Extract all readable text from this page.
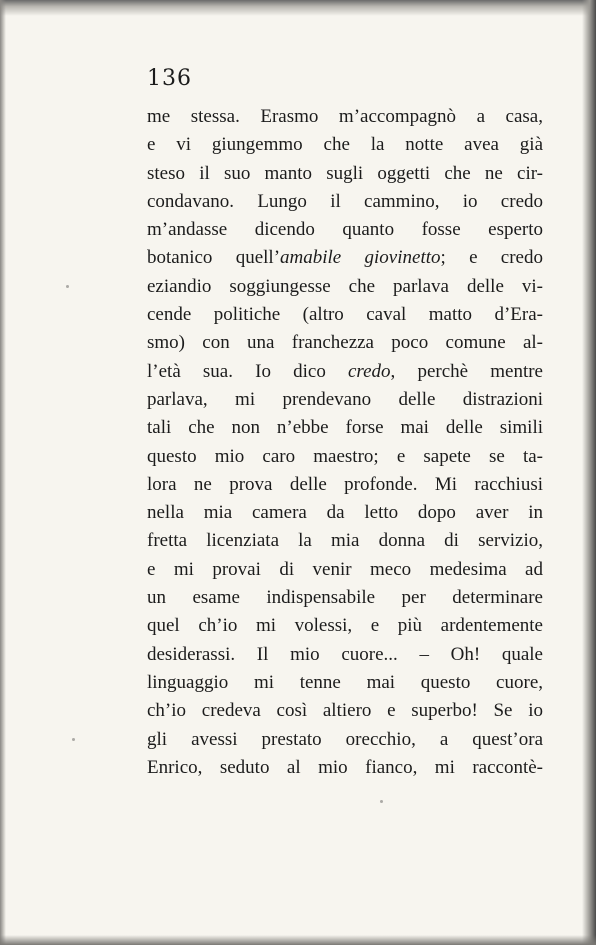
136
me stessa. Erasmo m’accompagnò a casa,
e vi giungemmo che la notte avea già
steso il suo manto sugli oggetti che ne cir-
condavano. Lungo il cammino, io credo
m’andasse dicendo quanto fosse esperto
botanico quell’amabile giovinetto; e credo
eziandio soggiungesse che parlava delle vi-
cende politiche (altro caval matto d’Era-
smo) con una franchezza poco comune al-
l’età sua. Io dico credo, perchè mentre
parlava, mi prendevano delle distrazioni
tali che non n’ebbe forse mai delle simili
questo mio caro maestro; e sapete se ta-
lora ne prova delle profonde. Mi racchiusi
nella mia camera da letto dopo aver in
fretta licenziata la mia donna di servizio,
e mi provai di venir meco medesima ad
un esame indispensabile per determinare
quel ch’io mi volessi, e più ardentemente
desiderassi. Il mio cuore... – Oh! quale
linguaggio mi tenne mai questo cuore,
ch’io credeva così altiero e superbo! Se io
gli avessi prestato orecchio, a quest’ora
Enrico, seduto al mio fianco, mi raccontè-
